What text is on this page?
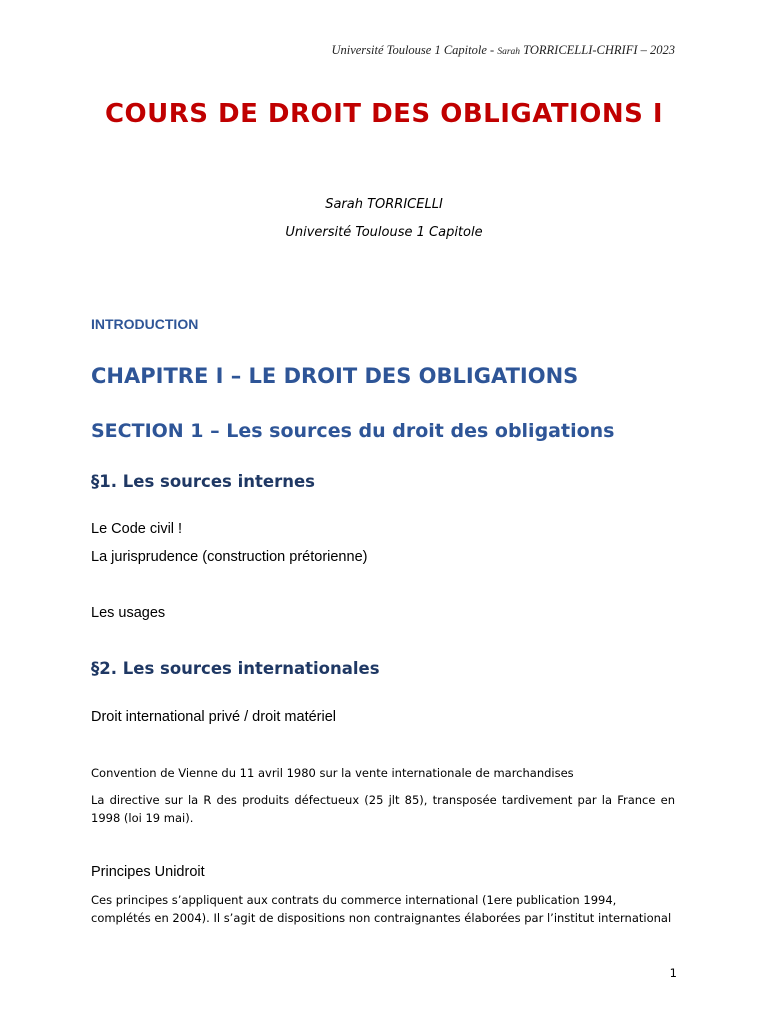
Université Toulouse 1 Capitole - Sarah TORRICELLI-CHRIFI – 2023
COURS DE DROIT DES OBLIGATIONS I
Sarah TORRICELLI
Université Toulouse 1 Capitole
INTRODUCTION
CHAPITRE I – LE DROIT DES OBLIGATIONS
SECTION 1 – Les sources du droit des obligations
§1. Les sources internes
Le Code civil !
La jurisprudence (construction prétorienne)
Les usages
§2. Les sources internationales
Droit international privé / droit matériel
Convention de Vienne du 11 avril 1980 sur la vente internationale de marchandises
La directive sur la R des produits défectueux (25 jlt 85), transposée tardivement par la France en 1998 (loi 19 mai).
Principes Unidroit
Ces principes s’appliquent aux contrats du commerce international (1ere publication 1994, complétés en 2004). Il s’agit de dispositions non contraignantes élaborées par l’institut international
1
